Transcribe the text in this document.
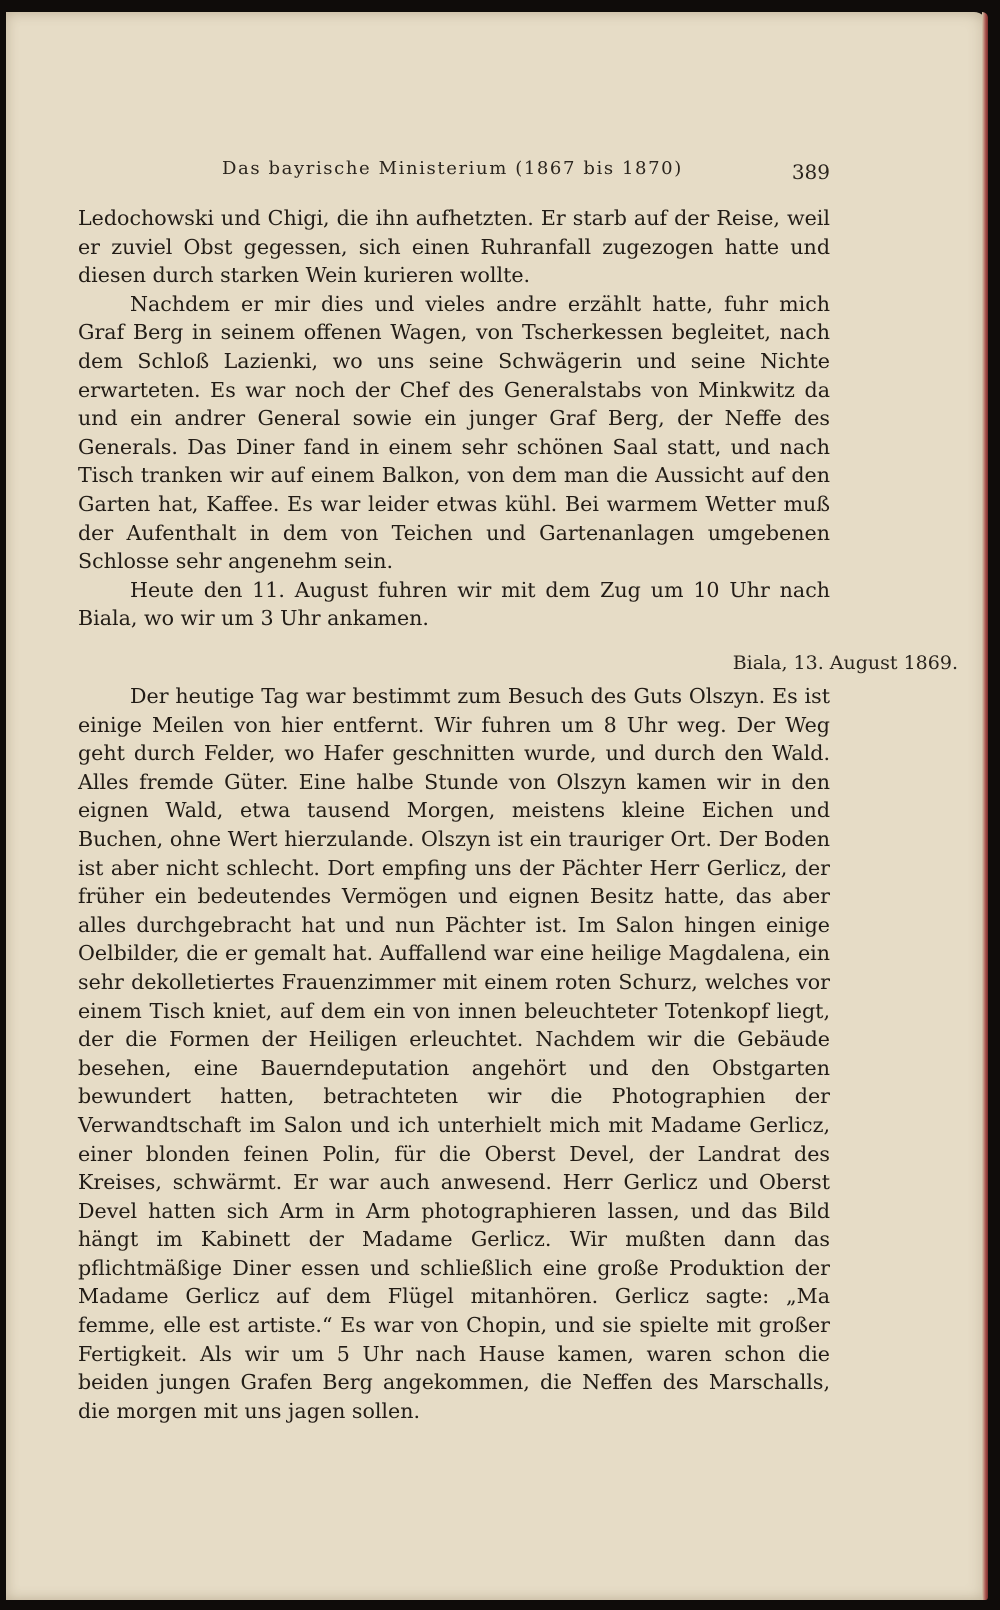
Das bayrische Ministerium (1867 bis 1870)	389

Ledochowski und Chigi, die ihn aufhetzten. Er starb auf der Reise, weil er zuviel Obst gegessen, sich einen Ruhranfall zugezogen hatte und diesen durch starken Wein kurieren wollte.

Nachdem er mir dies und vieles andre erzählt hatte, fuhr mich Graf Berg in seinem offenen Wagen, von Tscherkessen begleitet, nach dem Schloß Lazienki, wo uns seine Schwägerin und seine Nichte erwarteten. Es war noch der Chef des Generalstabs von Minkwitz da und ein andrer General sowie ein junger Graf Berg, der Neffe des Generals. Das Diner fand in einem sehr schönen Saal statt, und nach Tisch tranken wir auf einem Balkon, von dem man die Aussicht auf den Garten hat, Kaffee. Es war leider etwas kühl. Bei warmem Wetter muß der Aufenthalt in dem von Teichen und Gartenanlagen umgebenen Schlosse sehr angenehm sein.

Heute den 11. August fuhren wir mit dem Zug um 10 Uhr nach Biala, wo wir um 3 Uhr ankamen.

Biala, 13. August 1869.

Der heutige Tag war bestimmt zum Besuch des Guts Olszyn. Es ist einige Meilen von hier entfernt. Wir fuhren um 8 Uhr weg. Der Weg geht durch Felder, wo Hafer geschnitten wurde, und durch den Wald. Alles fremde Güter. Eine halbe Stunde von Olszyn kamen wir in den eignen Wald, etwa tausend Morgen, meistens kleine Eichen und Buchen, ohne Wert hierzulande. Olszyn ist ein trauriger Ort. Der Boden ist aber nicht schlecht. Dort empfing uns der Pächter Herr Gerlicz, der früher ein bedeutendes Vermögen und eignen Besitz hatte, das aber alles durchgebracht hat und nun Pächter ist. Im Salon hingen einige Oelbilder, die er gemalt hat. Auffallend war eine heilige Magdalena, ein sehr dekolletiertes Frauenzimmer mit einem roten Schurz, welches vor einem Tisch kniet, auf dem ein von innen beleuchteter Totenkopf liegt, der die Formen der Heiligen erleuchtet. Nachdem wir die Gebäude besehen, eine Bauerndeputation angehört und den Obstgarten bewundert hatten, betrachteten wir die Photographien der Verwandtschaft im Salon und ich unterhielt mich mit Madame Gerlicz, einer blonden feinen Polin, für die Oberst Devel, der Landrat des Kreises, schwärmt. Er war auch anwesend. Herr Gerlicz und Oberst Devel hatten sich Arm in Arm photographieren lassen, und das Bild hängt im Kabinett der Madame Gerlicz. Wir mußten dann das pflichtmäßige Diner essen und schließlich eine große Produktion der Madame Gerlicz auf dem Flügel mitanhören. Gerlicz sagte: „Ma femme, elle est artiste.“ Es war von Chopin, und sie spielte mit großer Fertigkeit. Als wir um 5 Uhr nach Hause kamen, waren schon die beiden jungen Grafen Berg angekommen, die Neffen des Marschalls, die morgen mit uns jagen sollen.
